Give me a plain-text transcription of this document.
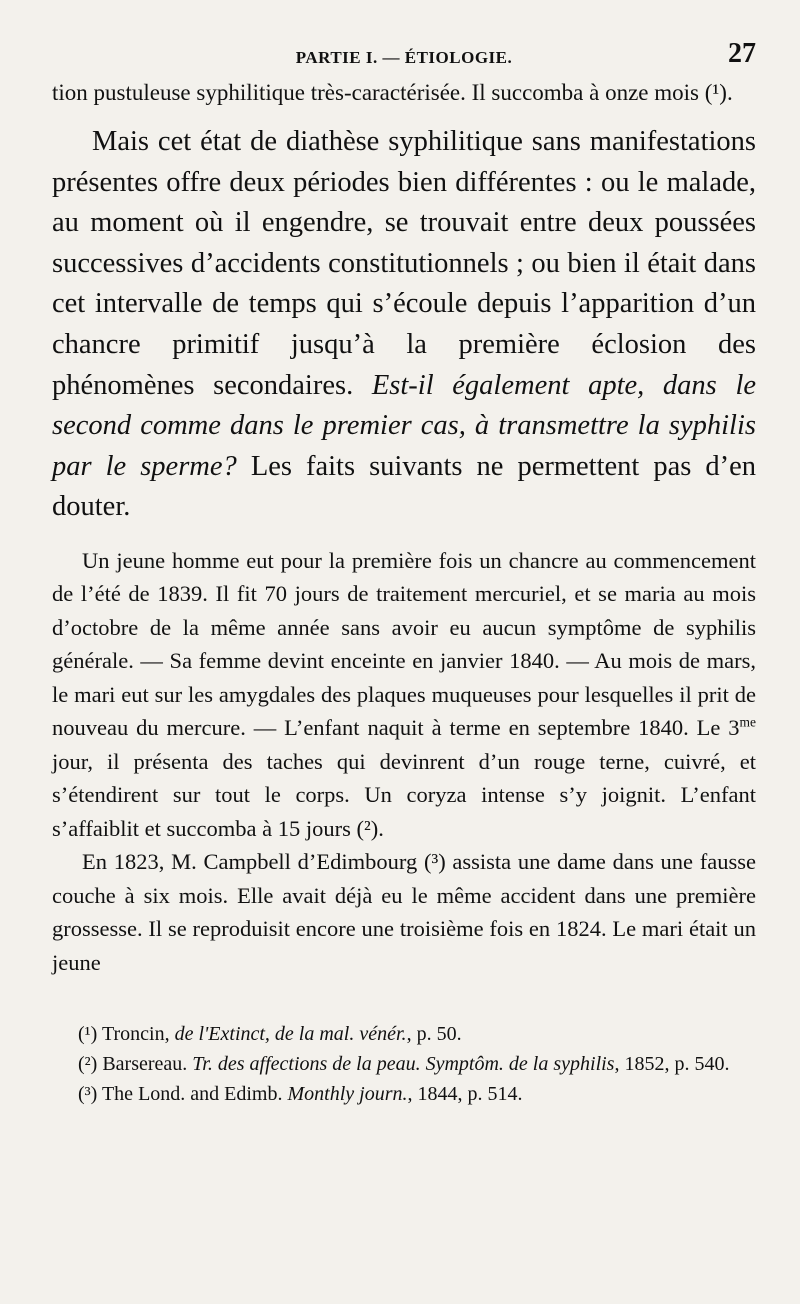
PARTIE I. — ÉTIOLOGIE.	27

tion pustuleuse syphilitique très-caractérisée. Il succomba à onze mois (¹).

Mais cet état de diathèse syphilitique sans manifestations présentes offre deux périodes bien différentes : ou le malade, au moment où il engendre, se trouvait entre deux poussées successives d’accidents constitutionnels ; ou bien il était dans cet intervalle de temps qui s’écoule depuis l’apparition d’un chancre primitif jusqu’à la première éclosion des phénomènes secondaires. Est-il également apte, dans le second comme dans le premier cas, à transmettre la syphilis par le sperme? Les faits suivants ne permettent pas d’en douter.

Un jeune homme eut pour la première fois un chancre au commencement de l’été de 1839. Il fit 70 jours de traitement mercuriel, et se maria au mois d’octobre de la même année sans avoir eu aucun symptôme de syphilis générale. — Sa femme devint enceinte en janvier 1840. — Au mois de mars, le mari eut sur les amygdales des plaques muqueuses pour lesquelles il prit de nouveau du mercure. — L’enfant naquit à terme en septembre 1840. Le $3^{me}$ jour, il présenta des taches qui devinrent d’un rouge terne, cuivré, et s’étendirent sur tout le corps. Un coryza intense s’y joignit. L’enfant s’affaiblit et succomba à 15 jours (²).

En 1823, M. Campbell d’Edimbourg (³) assista une dame dans une fausse couche à six mois. Elle avait déjà eu le même accident dans une première grossesse. Il se reproduisit encore une troisième fois en 1824. Le mari était un jeune

(¹) Troncin, de l'Extinct, de la mal. vénér., p. 50.

(²) Barsereau. Tr. des affections de la peau. Symptôm. de la syphilis, 1852, p. 540.

(³) The Lond. and Edimb. Monthly journ., 1844, p. 514.
